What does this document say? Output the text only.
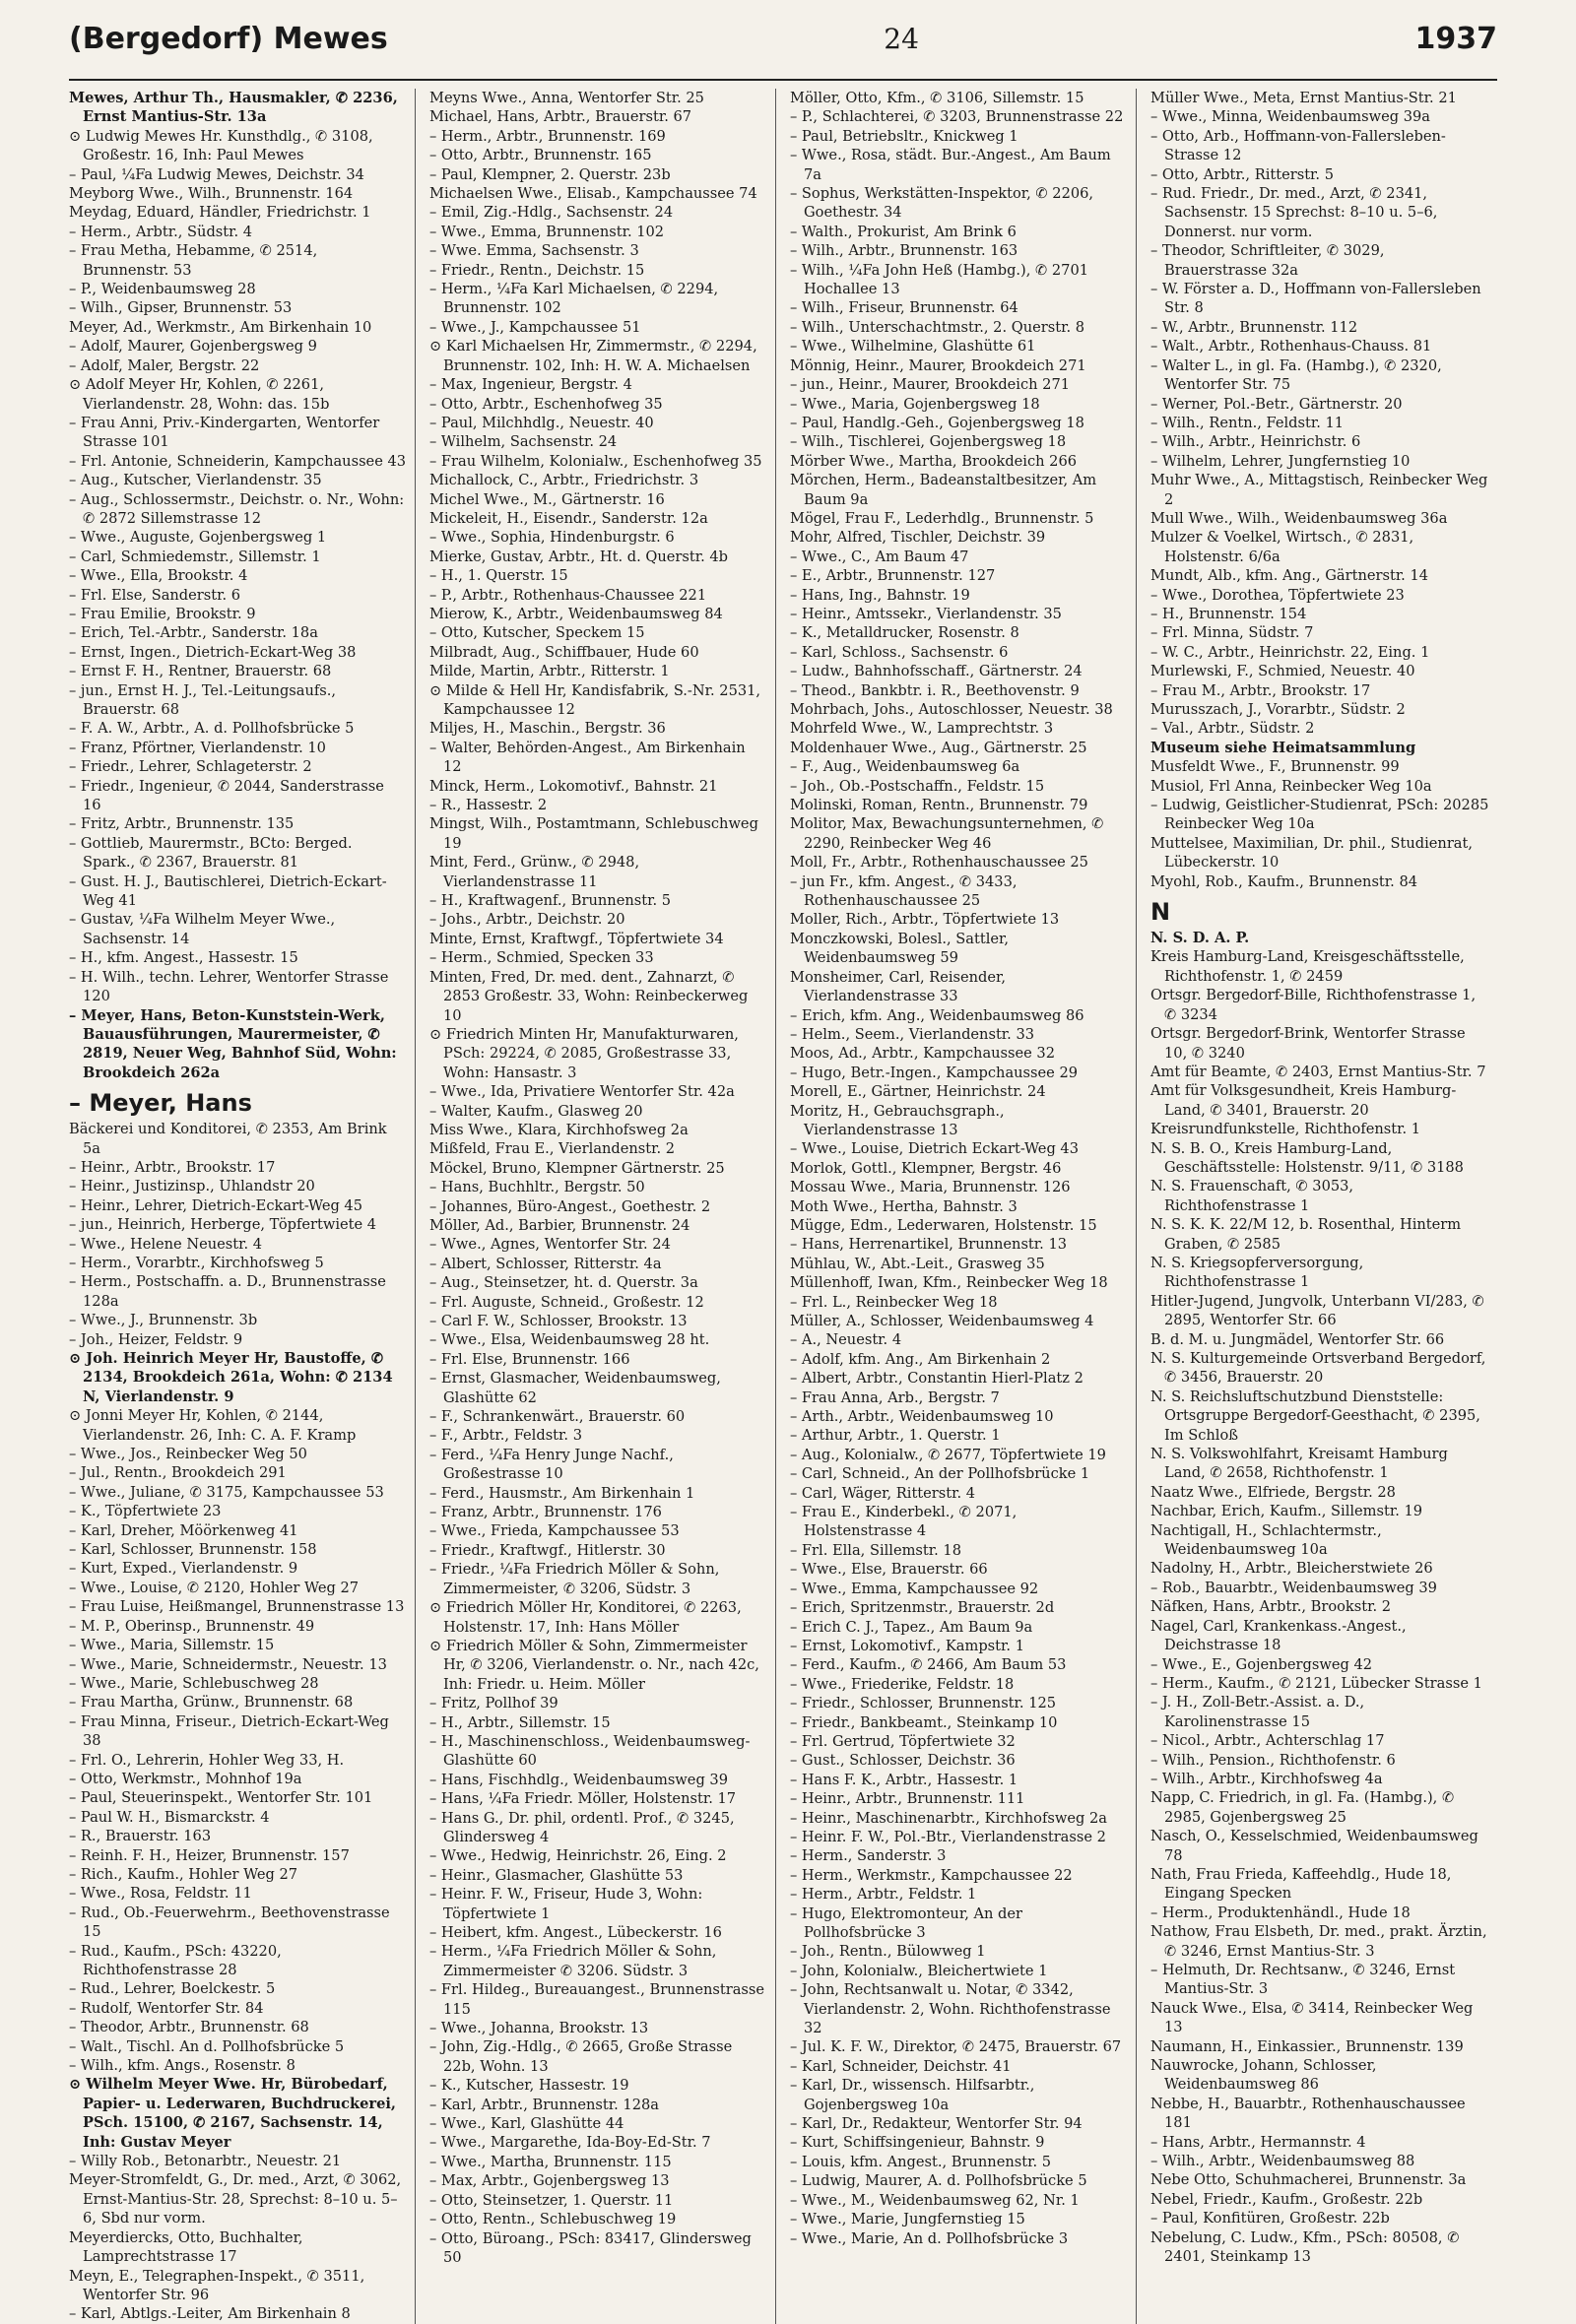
(Bergedorf) Mewes	24	1937

Mewes, Arthur Th., Hausmakler, ✆ 2236, Ernst Mantius-Str. 13a

⊙ Ludwig Mewes Hr. Kunsthdlg., ✆ 3108, Großestr. 16, Inh: Paul Mewes

– Paul, ¼Fa Ludwig Mewes, Deichstr. 34

Meyborg Wwe., Wilh., Brunnenstr. 164

Meydag, Eduard, Händler, Friedrichstr. 1

– Herm., Arbtr., Südstr. 4

– Frau Metha, Hebamme, ✆ 2514, Brunnenstr. 53

– P., Weidenbaumsweg 28

– Wilh., Gipser, Brunnenstr. 53

Meyer, Ad., Werkmstr., Am Birkenhain 10

– Adolf, Maurer, Gojenbergsweg 9

– Adolf, Maler, Bergstr. 22

⊙ Adolf Meyer Hr, Kohlen, ✆ 2261, Vierlandenstr. 28, Wohn: das. 15b

– Frau Anni, Priv.-Kindergarten, Wentorfer Strasse 101

– Frl. Antonie, Schneiderin, Kampchaussee 43

– Aug., Kutscher, Vierlandenstr. 35

– Aug., Schlossermstr., Deichstr. o. Nr., Wohn: ✆ 2872 Sillemstrasse 12

– Wwe., Auguste, Gojenbergsweg 1

– Carl, Schmiedemstr., Sillemstr. 1

– Wwe., Ella, Brookstr. 4

– Frl. Else, Sanderstr. 6

– Frau Emilie, Brookstr. 9

– Erich, Tel.-Arbtr., Sanderstr. 18a

– Ernst, Ingen., Dietrich-Eckart-Weg 38

– Ernst F. H., Rentner, Brauerstr. 68

– jun., Ernst H. J., Tel.-Leitungsaufs., Brauerstr. 68

– F. A. W., Arbtr., A. d. Pollhofsbrücke 5

– Franz, Pförtner, Vierlandenstr. 10

– Friedr., Lehrer, Schlageterstr. 2

– Friedr., Ingenieur, ✆ 2044, Sanderstrasse 16

– Fritz, Arbtr., Brunnenstr. 135

– Gottlieb, Maurermstr., BCto: Berged. Spark., ✆ 2367, Brauerstr. 81

– Gust. H. J., Bautischlerei, Dietrich-Eckart-Weg 41

– Gustav, ¼Fa Wilhelm Meyer Wwe., Sachsenstr. 14

– H., kfm. Angest., Hassestr. 15

– H. Wilh., techn. Lehrer, Wentorfer Strasse 120

– Meyer, Hans, Beton-Kunststein-Werk, Bauausführungen, Maurermeister, ✆ 2819, Neuer Weg, Bahnhof Süd, Wohn: Brookdeich 262a

– Meyer, Hans

Bäckerei und Konditorei, ✆ 2353, Am Brink 5a

– Heinr., Arbtr., Brookstr. 17

– Heinr., Justizinsp., Uhlandstr 20

– Heinr., Lehrer, Dietrich-Eckart-Weg 45

– jun., Heinrich, Herberge, Töpfertwiete 4

– Wwe., Helene Neuestr. 4

– Herm., Vorarbtr., Kirchhofsweg 5

– Herm., Postschaffn. a. D., Brunnenstrasse 128a

– Wwe., J., Brunnenstr. 3b

– Joh., Heizer, Feldstr. 9

⊙ Joh. Heinrich Meyer Hr, Baustoffe, ✆ 2134, Brookdeich 261a, Wohn: ✆ 2134 N, Vierlandenstr. 9

⊙ Jonni Meyer Hr, Kohlen, ✆ 2144, Vierlandenstr. 26, Inh: C. A. F. Kramp

– Wwe., Jos., Reinbecker Weg 50

– Jul., Rentn., Brookdeich 291

– Wwe., Juliane, ✆ 3175, Kampchaussee 53

– K., Töpfertwiete 23

– Karl, Dreher, Möörkenweg 41

– Karl, Schlosser, Brunnenstr. 158

– Kurt, Exped., Vierlandenstr. 9

– Wwe., Louise, ✆ 2120, Hohler Weg 27

– Frau Luise, Heißmangel, Brunnenstrasse 13

– M. P., Oberinsp., Brunnenstr. 49

– Wwe., Maria, Sillemstr. 15

– Wwe., Marie, Schneidermstr., Neuestr. 13

– Wwe., Marie, Schlebuschweg 28

– Frau Martha, Grünw., Brunnenstr. 68

– Frau Minna, Friseur., Dietrich-Eckart-Weg 38

– Frl. O., Lehrerin, Hohler Weg 33, H.

– Otto, Werkmstr., Mohnhof 19a

– Paul, Steuerinspekt., Wentorfer Str. 101

– Paul W. H., Bismarckstr. 4

– R., Brauerstr. 163

– Reinh. F. H., Heizer, Brunnenstr. 157

– Rich., Kaufm., Hohler Weg 27

– Wwe., Rosa, Feldstr. 11

– Rud., Ob.-Feuerwehrm., Beethovenstrasse 15

– Rud., Kaufm., PSch: 43220, Richthofenstrasse 28

– Rud., Lehrer, Boelckestr. 5

– Rudolf, Wentorfer Str. 84

– Theodor, Arbtr., Brunnenstr. 68

– Walt., Tischl. An d. Pollhofsbrücke 5

– Wilh., kfm. Angs., Rosenstr. 8

⊙ Wilhelm Meyer Wwe. Hr, Bürobedarf, Papier- u. Lederwaren, Buchdruckerei, PSch. 15100, ✆ 2167, Sachsenstr. 14, Inh: Gustav Meyer

– Willy Rob., Betonarbtr., Neuestr. 21

Meyer-Stromfeldt, G., Dr. med., Arzt, ✆ 3062, Ernst-Mantius-Str. 28, Sprechst: 8–10 u. 5–6, Sbd nur vorm.

Meyerdiercks, Otto, Buchhalter, Lamprechtstrasse 17

Meyn, E., Telegraphen-Inspekt., ✆ 3511, Wentorfer Str. 96

– Karl, Abtlgs.-Leiter, Am Birkenhain 8

Meyns Wwe., Anna, Wentorfer Str. 25

Michael, Hans, Arbtr., Brauerstr. 67

– Herm., Arbtr., Brunnenstr. 169

– Otto, Arbtr., Brunnenstr. 165

– Paul, Klempner, 2. Querstr. 23b

Michaelsen Wwe., Elisab., Kampchaussee 74

– Emil, Zig.-Hdlg., Sachsenstr. 24

– Wwe., Emma, Brunnenstr. 102

– Wwe. Emma, Sachsenstr. 3

– Friedr., Rentn., Deichstr. 15

– Herm., ¼Fa Karl Michaelsen, ✆ 2294, Brunnenstr. 102

– Wwe., J., Kampchaussee 51

⊙ Karl Michaelsen Hr, Zimmermstr., ✆ 2294, Brunnenstr. 102, Inh: H. W. A. Michaelsen

– Max, Ingenieur, Bergstr. 4

– Otto, Arbtr., Eschenhofweg 35

– Paul, Milchhdlg., Neuestr. 40

– Wilhelm, Sachsenstr. 24

– Frau Wilhelm, Kolonialw., Eschenhofweg 35

Michallock, C., Arbtr., Friedrichstr. 3

Michel Wwe., M., Gärtnerstr. 16

Mickeleit, H., Eisendr., Sanderstr. 12a

– Wwe., Sophia, Hindenburgstr. 6

Mierke, Gustav, Arbtr., Ht. d. Querstr. 4b

– H., 1. Querstr. 15

– P., Arbtr., Rothenhaus-Chaussee 221

Mierow, K., Arbtr., Weidenbaumsweg 84

– Otto, Kutscher, Speckem 15

Milbradt, Aug., Schiffbauer, Hude 60

Milde, Martin, Arbtr., Ritterstr. 1

⊙ Milde & Hell Hr, Kandisfabrik, S.-Nr. 2531, Kampchaussee 12

Miljes, H., Maschin., Bergstr. 36

– Walter, Behörden-Angest., Am Birkenhain 12

Minck, Herm., Lokomotivf., Bahnstr. 21

– R., Hassestr. 2

Mingst, Wilh., Postamtmann, Schlebuschweg 19

Mint, Ferd., Grünw., ✆ 2948, Vierlandenstrasse 11

– H., Kraftwagenf., Brunnenstr. 5

– Johs., Arbtr., Deichstr. 20

Minte, Ernst, Kraftwgf., Töpfertwiete 34

– Herm., Schmied, Specken 33

Minten, Fred, Dr. med. dent., Zahnarzt, ✆ 2853 Großestr. 33, Wohn: Reinbeckerweg 10

⊙ Friedrich Minten Hr, Manufakturwaren, PSch: 29224, ✆ 2085, Großestrasse 33, Wohn: Hansastr. 3

– Wwe., Ida, Privatiere Wentorfer Str. 42a

– Walter, Kaufm., Glasweg 20

Miss Wwe., Klara, Kirchhofsweg 2a

Mißfeld, Frau E., Vierlandenstr. 2

Möckel, Bruno, Klempner Gärtnerstr. 25

– Hans, Buchhltr., Bergstr. 50

– Johannes, Büro-Angest., Goethestr. 2

Möller, Ad., Barbier, Brunnenstr. 24

– Wwe., Agnes, Wentorfer Str. 24

– Albert, Schlosser, Ritterstr. 4a

– Aug., Steinsetzer, ht. d. Querstr. 3a

– Frl. Auguste, Schneid., Großestr. 12

– Carl F. W., Schlosser, Brookstr. 13

– Wwe., Elsa, Weidenbaumsweg 28 ht.

– Frl. Else, Brunnenstr. 166

– Ernst, Glasmacher, Weidenbaumsweg, Glashütte 62

– F., Schrankenwärt., Brauerstr. 60

– F., Arbtr., Feldstr. 3

– Ferd., ¼Fa Henry Junge Nachf., Großestrasse 10

– Ferd., Hausmstr., Am Birkenhain 1

– Franz, Arbtr., Brunnenstr. 176

– Wwe., Frieda, Kampchaussee 53

– Friedr., Kraftwgf., Hitlerstr. 30

– Friedr., ¼Fa Friedrich Möller & Sohn, Zimmermeister, ✆ 3206, Südstr. 3

⊙ Friedrich Möller Hr, Konditorei, ✆ 2263, Holstenstr. 17, Inh: Hans Möller

⊙ Friedrich Möller & Sohn, Zimmermeister Hr, ✆ 3206, Vierlandenstr. o. Nr., nach 42c, Inh: Friedr. u. Heim. Möller

– Fritz, Pollhof 39

– H., Arbtr., Sillemstr. 15

– H., Maschinenschloss., Weidenbaumsweg-Glashütte 60

– Hans, Fischhdlg., Weidenbaumsweg 39

– Hans, ¼Fa Friedr. Möller, Holstenstr. 17

– Hans G., Dr. phil, ordentl. Prof., ✆ 3245, Glindersweg 4

– Wwe., Hedwig, Heinrichstr. 26, Eing. 2

– Heinr., Glasmacher, Glashütte 53

– Heinr. F. W., Friseur, Hude 3, Wohn: Töpfertwiete 1

– Heibert, kfm. Angest., Lübeckerstr. 16

– Herm., ¼Fa Friedrich Möller & Sohn, Zimmermeister ✆ 3206. Südstr. 3

– Frl. Hildeg., Bureauangest., Brunnenstrasse 115

– Wwe., Johanna, Brookstr. 13

– John, Zig.-Hdlg., ✆ 2665, Große Strasse 22b, Wohn. 13

– K., Kutscher, Hassestr. 19

– Karl, Arbtr., Brunnenstr. 128a

– Wwe., Karl, Glashütte 44

– Wwe., Margarethe, Ida-Boy-Ed-Str. 7

– Wwe., Martha, Brunnenstr. 115

– Max, Arbtr., Gojenbergsweg 13

– Otto, Steinsetzer, 1. Querstr. 11

– Otto, Rentn., Schlebuschweg 19

– Otto, Büroang., PSch: 83417, Glindersweg 50

Möller, Otto, Kfm., ✆ 3106, Sillemstr. 15

– P., Schlachterei, ✆ 3203, Brunnenstrasse 22

– Paul, Betriebsltr., Knickweg 1

– Wwe., Rosa, städt. Bur.-Angest., Am Baum 7a

– Sophus, Werkstätten-Inspektor, ✆ 2206, Goethestr. 34

– Walth., Prokurist, Am Brink 6

– Wilh., Arbtr., Brunnenstr. 163

– Wilh., ¼Fa John Heß (Hambg.), ✆ 2701 Hochallee 13

– Wilh., Friseur, Brunnenstr. 64

– Wilh., Unterschachtmstr., 2. Querstr. 8

– Wwe., Wilhelmine, Glashütte 61

Mönnig, Heinr., Maurer, Brookdeich 271

– jun., Heinr., Maurer, Brookdeich 271

– Wwe., Maria, Gojenbergsweg 18

– Paul, Handlg.-Geh., Gojenbergsweg 18

– Wilh., Tischlerei, Gojenbergsweg 18

Mörber Wwe., Martha, Brookdeich 266

Mörchen, Herm., Badeanstaltbesitzer, Am Baum 9a

Mögel, Frau F., Lederhdlg., Brunnenstr. 5

Mohr, Alfred, Tischler, Deichstr. 39

– Wwe., C., Am Baum 47

– E., Arbtr., Brunnenstr. 127

– Hans, Ing., Bahnstr. 19

– Heinr., Amtssekr., Vierlandenstr. 35

– K., Metalldrucker, Rosenstr. 8

– Karl, Schloss., Sachsenstr. 6

– Ludw., Bahnhofsschaff., Gärtnerstr. 24

– Theod., Bankbtr. i. R., Beethovenstr. 9

Mohrbach, Johs., Autoschlosser, Neuestr. 38

Mohrfeld Wwe., W., Lamprechtstr. 3

Moldenhauer Wwe., Aug., Gärtnerstr. 25

– F., Aug., Weidenbaumsweg 6a

– Joh., Ob.-Postschaffn., Feldstr. 15

Molinski, Roman, Rentn., Brunnenstr. 79

Molitor, Max, Bewachungsunternehmen, ✆ 2290, Reinbecker Weg 46

Moll, Fr., Arbtr., Rothenhauschaussee 25

– jun Fr., kfm. Angest., ✆ 3433, Rothenhauschaussee 25

Moller, Rich., Arbtr., Töpfertwiete 13

Monczkowski, Bolesl., Sattler, Weidenbaumsweg 59

Monsheimer, Carl, Reisender, Vierlandenstrasse 33

– Erich, kfm. Ang., Weidenbaumsweg 86

– Helm., Seem., Vierlandenstr. 33

Moos, Ad., Arbtr., Kampchaussee 32

– Hugo, Betr.-Ingen., Kampchaussee 29

Morell, E., Gärtner, Heinrichstr. 24

Moritz, H., Gebrauchsgraph., Vierlandenstrasse 13

– Wwe., Louise, Dietrich Eckart-Weg 43

Morlok, Gottl., Klempner, Bergstr. 46

Mossau Wwe., Maria, Brunnenstr. 126

Moth Wwe., Hertha, Bahnstr. 3

Mügge, Edm., Lederwaren, Holstenstr. 15

– Hans, Herrenartikel, Brunnenstr. 13

Mühlau, W., Abt.-Leit., Grasweg 35

Müllenhoff, Iwan, Kfm., Reinbecker Weg 18

– Frl. L., Reinbecker Weg 18

Müller, A., Schlosser, Weidenbaumsweg 4

– A., Neuestr. 4

– Adolf, kfm. Ang., Am Birkenhain 2

– Albert, Arbtr., Constantin Hierl-Platz 2

– Frau Anna, Arb., Bergstr. 7

– Arth., Arbtr., Weidenbaumsweg 10

– Arthur, Arbtr., 1. Querstr. 1

– Aug., Kolonialw., ✆ 2677, Töpfertwiete 19

– Carl, Schneid., An der Pollhofsbrücke 1

– Carl, Wäger, Ritterstr. 4

– Frau E., Kinderbekl., ✆ 2071, Holstenstrasse 4

– Frl. Ella, Sillemstr. 18

– Wwe., Else, Brauerstr. 66

– Wwe., Emma, Kampchaussee 92

– Erich, Spritzenmstr., Brauerstr. 2d

– Erich C. J., Tapez., Am Baum 9a

– Ernst, Lokomotivf., Kampstr. 1

– Ferd., Kaufm., ✆ 2466, Am Baum 53

– Wwe., Friederike, Feldstr. 18

– Friedr., Schlosser, Brunnenstr. 125

– Friedr., Bankbeamt., Steinkamp 10

– Frl. Gertrud, Töpfertwiete 32

– Gust., Schlosser, Deichstr. 36

– Hans F. K., Arbtr., Hassestr. 1

– Heinr., Arbtr., Brunnenstr. 111

– Heinr., Maschinenarbtr., Kirchhofsweg 2a

– Heinr. F. W., Pol.-Btr., Vierlandenstrasse 2

– Herm., Sanderstr. 3

– Herm., Werkmstr., Kampchaussee 22

– Herm., Arbtr., Feldstr. 1

– Hugo, Elektromonteur, An der Pollhofsbrücke 3

– Joh., Rentn., Bülowweg 1

– John, Kolonialw., Bleichertwiete 1

– John, Rechtsanwalt u. Notar, ✆ 3342, Vierlandenstr. 2, Wohn. Richthofenstrasse 32

– Jul. K. F. W., Direktor, ✆ 2475, Brauerstr. 67

– Karl, Schneider, Deichstr. 41

– Karl, Dr., wissensch. Hilfsarbtr., Gojenbergsweg 10a

– Karl, Dr., Redakteur, Wentorfer Str. 94

– Kurt, Schiffsingenieur, Bahnstr. 9

– Louis, kfm. Angest., Brunnenstr. 5

– Ludwig, Maurer, A. d. Pollhofsbrücke 5

– Wwe., M., Weidenbaumsweg 62, Nr. 1

– Wwe., Marie, Jungfernstieg 15

– Wwe., Marie, An d. Pollhofsbrücke 3

Müller Wwe., Meta, Ernst Mantius-Str. 21

– Wwe., Minna, Weidenbaumsweg 39a

– Otto, Arb., Hoffmann-von-Fallersleben-Strasse 12

– Otto, Arbtr., Ritterstr. 5

– Rud. Friedr., Dr. med., Arzt, ✆ 2341, Sachsenstr. 15 Sprechst: 8–10 u. 5–6, Donnerst. nur vorm.

– Theodor, Schriftleiter, ✆ 3029, Brauerstrasse 32a

– W. Förster a. D., Hoffmann von-Fallersleben Str. 8

– W., Arbtr., Brunnenstr. 112

– Walt., Arbtr., Rothenhaus-Chauss. 81

– Walter L., in gl. Fa. (Hambg.), ✆ 2320, Wentorfer Str. 75

– Werner, Pol.-Betr., Gärtnerstr. 20

– Wilh., Rentn., Feldstr. 11

– Wilh., Arbtr., Heinrichstr. 6

– Wilhelm, Lehrer, Jungfernstieg 10

Muhr Wwe., A., Mittagstisch, Reinbecker Weg 2

Mull Wwe., Wilh., Weidenbaumsweg 36a

Mulzer & Voelkel, Wirtsch., ✆ 2831, Holstenstr. 6/6a

Mundt, Alb., kfm. Ang., Gärtnerstr. 14

– Wwe., Dorothea, Töpfertwiete 23

– H., Brunnenstr. 154

– Frl. Minna, Südstr. 7

– W. C., Arbtr., Heinrichstr. 22, Eing. 1

Murlewski, F., Schmied, Neuestr. 40

– Frau M., Arbtr., Brookstr. 17

Murusszach, J., Vorarbtr., Südstr. 2

– Val., Arbtr., Südstr. 2

Museum siehe Heimatsammlung

Musfeldt Wwe., F., Brunnenstr. 99

Musiol, Frl Anna, Reinbecker Weg 10a

– Ludwig, Geistlicher-Studienrat, PSch: 20285 Reinbecker Weg 10a

Muttelsee, Maximilian, Dr. phil., Studienrat, Lübeckerstr. 10

Myohl, Rob., Kaufm., Brunnenstr. 84

N

N. S. D. A. P.

Kreis Hamburg-Land, Kreisgeschäftsstelle, Richthofenstr. 1, ✆ 2459

Ortsgr. Bergedorf-Bille, Richthofenstrasse 1, ✆ 3234

Ortsgr. Bergedorf-Brink, Wentorfer Strasse 10, ✆ 3240

Amt für Beamte, ✆ 2403, Ernst Mantius-Str. 7

Amt für Volksgesundheit, Kreis Hamburg-Land, ✆ 3401, Brauerstr. 20

Kreisrundfunkstelle, Richthofenstr. 1

N. S. B. O., Kreis Hamburg-Land, Geschäftsstelle: Holstenstr. 9/11, ✆ 3188

N. S. Frauenschaft, ✆ 3053, Richthofenstrasse 1

N. S. K. K. 22/M 12, b. Rosenthal, Hinterm Graben, ✆ 2585

N. S. Kriegsopferversorgung, Richthofenstrasse 1

Hitler-Jugend, Jungvolk, Unterbann VI/283, ✆ 2895, Wentorfer Str. 66

B. d. M. u. Jungmädel, Wentorfer Str. 66

N. S. Kulturgemeinde Ortsverband Bergedorf, ✆ 3456, Brauerstr. 20

N. S. Reichsluftschutzbund Dienststelle: Ortsgruppe Bergedorf-Geesthacht, ✆ 2395, Im Schloß

N. S. Volkswohlfahrt, Kreisamt Hamburg Land, ✆ 2658, Richthofenstr. 1

Naatz Wwe., Elfriede, Bergstr. 28

Nachbar, Erich, Kaufm., Sillemstr. 19

Nachtigall, H., Schlachtermstr., Weidenbaumsweg 10a

Nadolny, H., Arbtr., Bleicherstwiete 26

– Rob., Bauarbtr., Weidenbaumsweg 39

Näfken, Hans, Arbtr., Brookstr. 2

Nagel, Carl, Krankenkass.-Angest., Deichstrasse 18

– Wwe., E., Gojenbergsweg 42

– Herm., Kaufm., ✆ 2121, Lübecker Strasse 1

– J. H., Zoll-Betr.-Assist. a. D., Karolinenstrasse 15

– Nicol., Arbtr., Achterschlag 17

– Wilh., Pension., Richthofenstr. 6

– Wilh., Arbtr., Kirchhofsweg 4a

Napp, C. Friedrich, in gl. Fa. (Hambg.), ✆ 2985, Gojenbergsweg 25

Nasch, O., Kesselschmied, Weidenbaumsweg 78

Nath, Frau Frieda, Kaffeehdlg., Hude 18, Eingang Specken

– Herm., Produktenhändl., Hude 18

Nathow, Frau Elsbeth, Dr. med., prakt. Ärztin, ✆ 3246, Ernst Mantius-Str. 3

– Helmuth, Dr. Rechtsanw., ✆ 3246, Ernst Mantius-Str. 3

Nauck Wwe., Elsa, ✆ 3414, Reinbecker Weg 13

Naumann, H., Einkassier., Brunnenstr. 139

Nauwrocke, Johann, Schlosser, Weidenbaumsweg 86

Nebbe, H., Bauarbtr., Rothenhauschaussee 181

– Hans, Arbtr., Hermannstr. 4

– Wilh., Arbtr., Weidenbaumsweg 88

Nebe Otto, Schuhmacherei, Brunnenstr. 3a

Nebel, Friedr., Kaufm., Großestr. 22b

– Paul, Konfitüren, Großestr. 22b

Nebelung, C. Ludw., Kfm., PSch: 80508, ✆ 2401, Steinkamp 13
